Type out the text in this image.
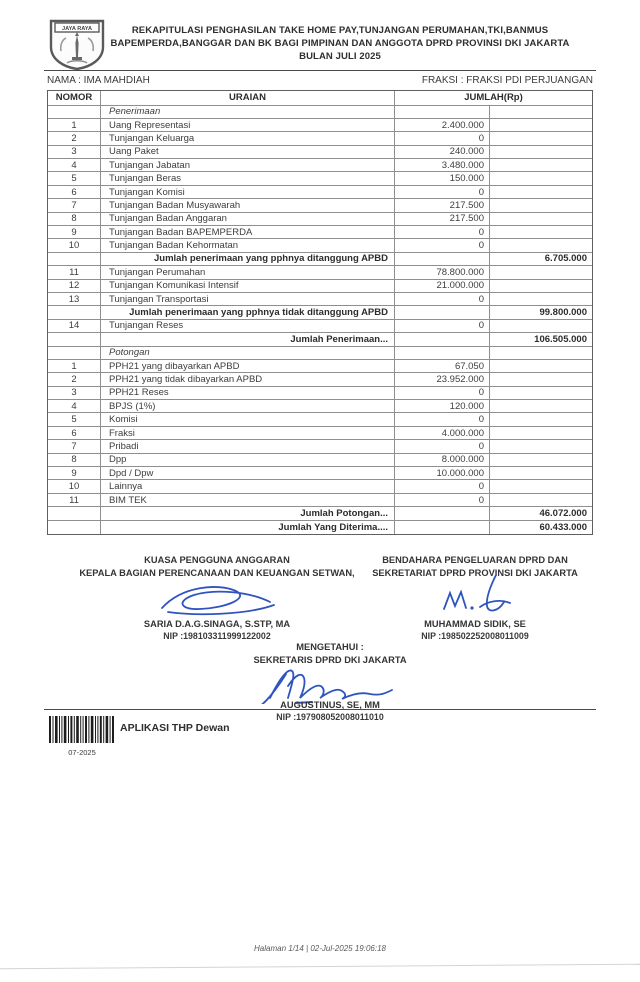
JAYA RAYA	REKAPITULASI PENGHASILAN TAKE HOME PAY,TUNJANGAN PERUMAHAN,TKI,BANMUS
BAPEMPERDA,BANGGAR DAN BK BAGI PIMPINAN DAN ANGGOTA DPRD PROVINSI DKI JAKARTA
BULAN JULI 2025
NAMA : IMA MAHDIAH	FRAKSI : FRAKSI PDI PERJUANGAN
NOMOR	URAIAN	JUMLAH(Rp)
Penerimaan
1	Uang Representasi	2.400.000
2	Tunjangan Keluarga	0
3	Uang Paket	240.000
4	Tunjangan Jabatan	3.480.000
5	Tunjangan Beras	150.000
6	Tunjangan Komisi	0
7	Tunjangan Badan Musyawarah	217.500
8	Tunjangan Badan Anggaran	217.500
9	Tunjangan Badan BAPEMPERDA	0
10	Tunjangan Badan Kehormatan	0
Jumlah penerimaan yang pphnya ditanggung APBD	6.705.000
11	Tunjangan Perumahan	78.800.000
12	Tunjangan Komunikasi Intensif	21.000.000
13	Tunjangan Transportasi	0
Jumlah penerimaan yang pphnya tidak ditanggung APBD	99.800.000
14	Tunjangan Reses	0
Jumlah Penerimaan...	106.505.000
Potongan
1	PPH21 yang dibayarkan APBD	67.050
2	PPH21 yang tidak dibayarkan APBD	23.952.000
3	PPH21 Reses	0
4	BPJS (1%)	120.000
5	Komisi	0
6	Fraksi	4.000.000
7	Pribadi	0
8	Dpp	8.000.000
9	Dpd / Dpw	10.000.000
10	Lainnya	0
11	BIM TEK	0
Jumlah Potongan...	46.072.000
Jumlah Yang Diterima....	60.433.000
KUASA PENGGUNA ANGGARAN
KEPALA BAGIAN PERENCANAAN DAN KEUANGAN SETWAN,
SARIA D.A.G.SINAGA, S.STP, MA
NIP :198103311999122002
BENDAHARA PENGELUARAN DPRD DAN
SEKRETARIAT DPRD PROVINSI DKI JAKARTA
MUHAMMAD SIDIK, SE
NIP :198502252008011009
MENGETAHUI :
SEKRETARIS DPRD DKI JAKARTA
AUGUSTINUS, SE, MM
NIP :197908052008011010
07-2025
APLIKASI THP Dewan
Halaman 1/14 | 02-Jul-2025 19:06:18
